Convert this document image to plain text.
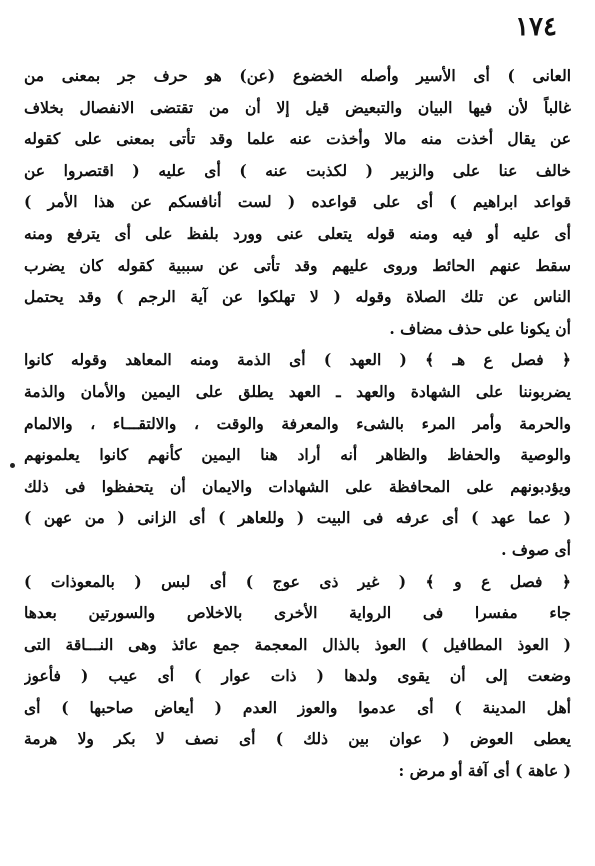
١٧٤
العانى ) أى الأسير وأصله الخضوع (عن) هو حرف جر بمعنى من
غالباً لأن فيها البيان والتبعيض قيل إلا أن من تقتضى الانفصال بخلاف
عن يقال أخذت منه مالا وأخذت عنه علما وقد تأتى بمعنى على كقوله
خالف عنا على والزبير ( لكذبت عنه ) أى عليه ( اقتصروا عن
قواعد ابراهيم ) أى على قواعده ( لست أنافسكم عن هذا الأمر )
أى عليه أو فيه ومنه قوله يتعلى عنى وورد بلفظ على أى يترفع ومنه
سقط عنهم الحائط وروى عليهم وقد تأتى عن سببية كقوله كان يضرب
الناس عن تلك الصلاة وقوله ( لا تهلكوا عن آية الرجم ) وقد يحتمل
أن يكونا على حذف مضاف .
﴿ فصل ع هـ ﴾ ( العهد ) أى الذمة ومنه المعاهد وقوله كانوا
يضربوننا على الشهادة والعهد ـ العهد يطلق على اليمين والأمان والذمة
والحرمة وأمر المرء بالشىء والمعرفة والوقت ، والالتقـــاء ، والالمام
والوصية والحفاظ والظاهر أنه أراد هنا اليمين كأنهم كانوا يعلمونهم
ويؤدبونهم على المحافظة على الشهادات والايمان أن يتحفظوا فى ذلك
( عما عهد ) أى عرفه فى البيت ( وللعاهر ) أى الزانى ( من عهن )
أى صوف .
﴿ فصل ع و ﴾ ( غير ذى عوج ) أى لبس ( بالمعوذات )
جاء مفسرا فى الرواية الأخرى بالاخلاص والسورتين بعدها
( العوذ المطافيل ) العوذ بالذال المعجمة جمع عائذ وهى النـــاقة التى
وضعت إلى أن يقوى ولدها ( ذات عوار ) أى عيب ( فأعوز
أهل المدينة ) أى عدموا والعوز العدم ( أيعاض صاحبها ) أى
يعطى العوض ( عوان بين ذلك ) أى نصف لا بكر ولا هرمة
( عاهة ) أى آفة أو مرض :
